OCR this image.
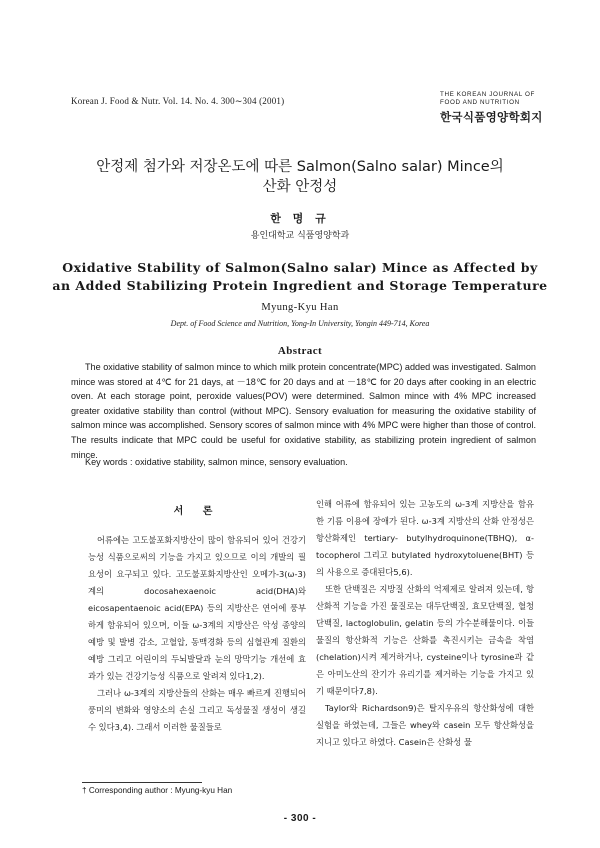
Korean J. Food & Nutr. Vol. 14. No. 4. 300∼304 (2001)
THE KOREAN JOURNAL OF
FOOD AND NUTRITION
한국식품영양학회지
안정제 첨가와 저장온도에 따른 Salmon(Salno salar) Mince의
산화 안정성
한 명 규
용인대학교 식품영양학과
Oxidative Stability of Salmon(Salno salar) Mince as Affected by
an Added Stabilizing Protein Ingredient and Storage Temperature
Myung-Kyu Han
Dept. of Food Science and Nutrition, Yong-In University, Yongin 449-714, Korea
Abstract
The oxidative stability of salmon mince to which milk protein concentrate(MPC) added was investigated. Salmon mince was stored at 4℃ for 21 days, at －18℃ for 20 days and at －18℃ for 20 days after cooking in an electric oven. At each storage point, peroxide values(POV) were determined. Salmon mince with 4% MPC increased greater oxidative stability than control (without MPC). Sensory evaluation for measuring the oxidative stability of salmon mince was accomplished. Sensory scores of salmon mince with 4% MPC were higher than those of control. The results indicate that MPC could be useful for oxidative stability, as stabilizing protein ingredient of salmon mince.
Key words : oxidative stability, salmon mince, sensory evaluation.
서 론

어류에는 고도불포화지방산이 많이 함유되어 있어 건강기능성 식품으로써의 기능을 가지고 있으므로 이의 개발의 필요성이 요구되고 있다. 고도불포화지방산인 오메가-3(ω-3)계의 docosahexaenoic acid(DHA)와 eicosapentaenoic acid(EPA) 등의 지방산은 연어에 풍부하게 함유되어 있으며, 이들 ω-3계의 지방산은 악성 종양의 예방 및 발병 감소, 고혈압, 동맥경화 등의 심혈관계 질환의 예방 그리고 어린이의 두뇌발달과 눈의 망막기능 개선에 효과가 있는 건강기능성 식품으로 알려져 있다1,2).

그러나 ω-3계의 지방산들의 산화는 매우 빠르게 진행되어 풍미의 변화와 영양소의 손실 그리고 독성물질 생성이 생길 수 있다3,4). 그래서 이러한 물질들로

인해 어류에 함유되어 있는 고농도의 ω-3계 지방산을 함유한 기름 이용에 장애가 된다. ω-3계 지방산의 산화 안정성은 항산화제인 tertiary- butylhydroquinone(TBHQ), α-tocopherol 그리고 butylated hydroxytoluene(BHT) 등의 사용으로 증대된다5,6).

또한 단백질은 지방질 산화의 억제제로 알려져 있는데, 항산화적 기능을 가진 물질로는 대두단백질, 효모단백질, 혈청단백질, lactoglobulin, gelatin 등의 가수분해물이다. 이들 물질의 항산화적 기능은 산화를 촉진시키는 금속을 착염(chelation)시켜 제거하거나, cysteine이나 tyrosine과 같은 아미노산의 잔기가 유리기를 제거하는 기능을 가지고 있기 때문이다7,8).

Taylor와 Richardson9)은 탈지우유의 항산화성에 대한 실험을 하였는데, 그들은 whey와 casein 모두 항산화성을 지니고 있다고 하였다. Casein은 산화성 물

† Corresponding author : Myung-kyu Han
- 300 -
